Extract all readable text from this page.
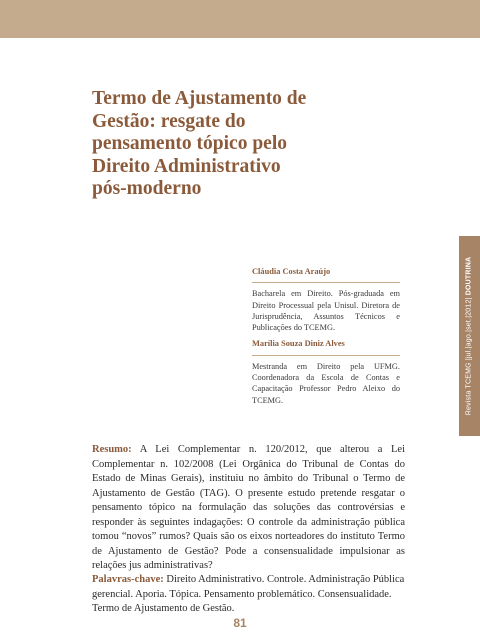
Termo de Ajustamento de Gestão: resgate do pensamento tópico pelo Direito Administrativo pós-moderno
Revista TCEMG |jul.|ago.|set.|2012| DOUTRINA

Cláudia Costa Araújo

Bacharela em Direito. Pós-graduada em Direito Processual pela Unisul. Diretora de Jurisprudência, Assuntos Técnicos e Publicações do TCEMG.

Marília Souza Diniz Alves

Mestranda em Direito pela UFMG. Coordenadora da Escola de Contas e Capacitação Professor Pedro Aleixo do TCEMG.

Resumo: A Lei Complementar n. 120/2012, que alterou a Lei Complementar n. 102/2008 (Lei Orgânica do Tribunal de Contas do Estado de Minas Gerais), instituiu no âmbito do Tribunal o Termo de Ajustamento de Gestão (TAG). O presente estudo pretende resgatar o pensamento tópico na formulação das soluções das controvérsias e responder às seguintes indagações: O controle da administração pública tomou “novos” rumos? Quais são os eixos norteadores do instituto Termo de Ajustamento de Gestão? Pode a consensualidade impulsionar as relações jus administrativas?

Palavras-chave: Direito Administrativo. Controle. Administração Pública gerencial. Aporia. Tópica. Pensamento problemático. Consensualidade. Termo de Ajustamento de Gestão.

81
